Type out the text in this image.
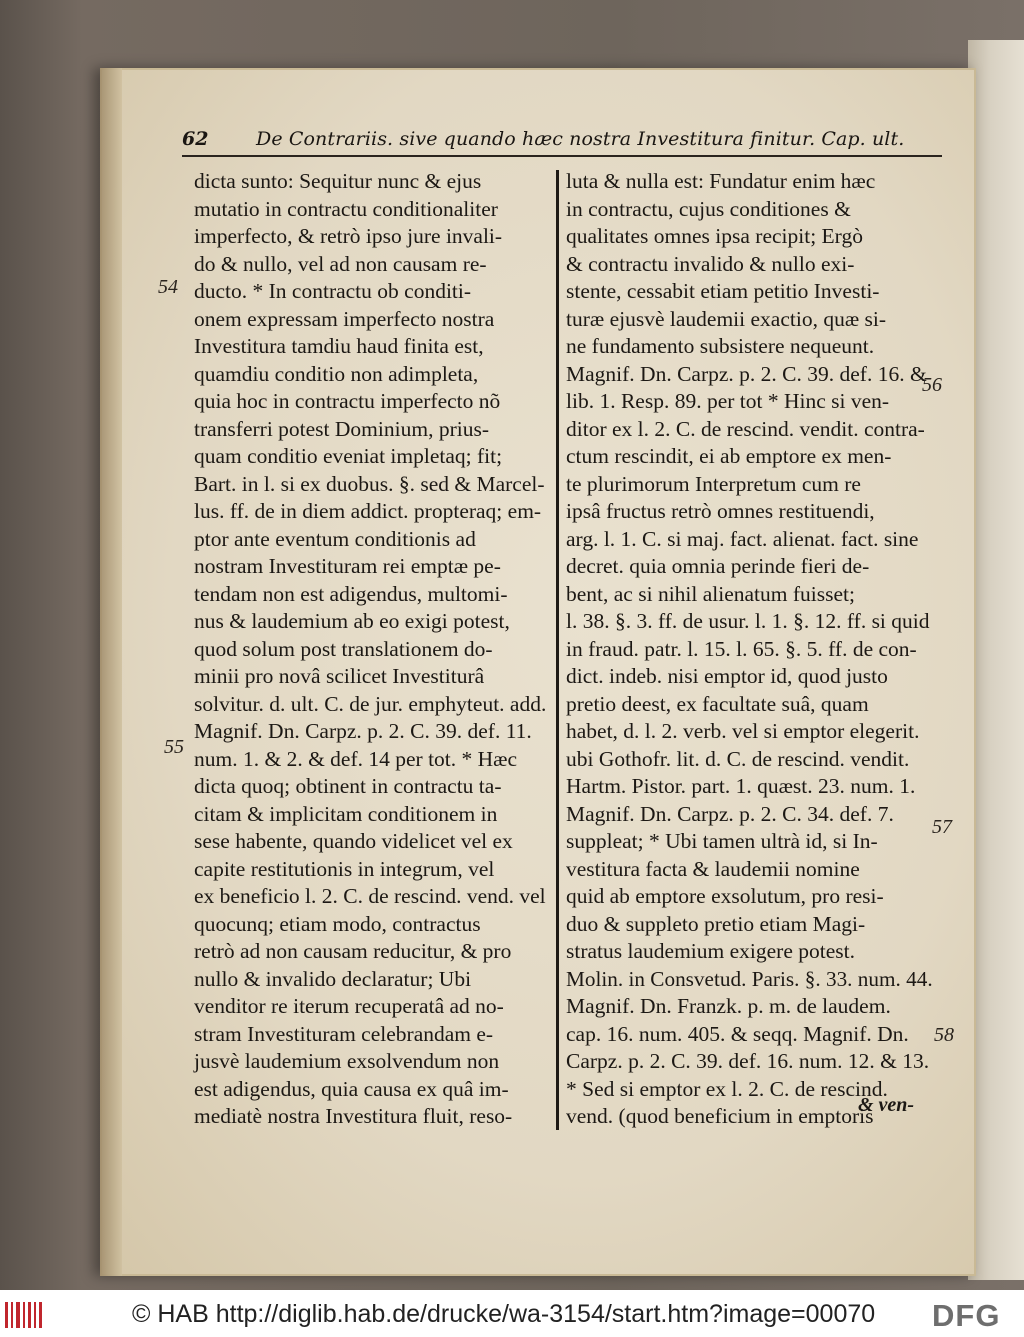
62	De Contrariis. sive quando hæc nostra Investitura finitur. Cap. ult.
dicta sunto: Sequitur nunc & ejus
mutatio in contractu conditionaliter
imperfecto, & retrò ipso jure invali-
do & nullo, vel ad non causam re-
ducto. * In contractu ob conditi-
onem expressam imperfecto nostra
Investitura tamdiu haud finita est,
quamdiu conditio non adimpleta,
quia hoc in contractu imperfecto nõ
transferri potest Dominium, prius-
quam conditio eveniat impletaq; fit;
Bart. in l. si ex duobus. §. sed & Marcel-
lus. ff. de in diem addict. propteraq; em-
ptor ante eventum conditionis ad
nostram Investituram rei emptæ pe-
tendam non est adigendus, multomi-
nus & laudemium ab eo exigi potest,
quod solum post translationem do-
minii pro novâ scilicet Investiturâ
solvitur. d. ult. C. de jur. emphyteut. add.
Magnif. Dn. Carpz. p. 2. C. 39. def. 11.
num. 1. & 2. & def. 14 per tot. * Hæc
dicta quoq; obtinent in contractu ta-
citam & implicitam conditionem in
sese habente, quando videlicet vel ex
capite restitutionis in integrum, vel
ex beneficio l. 2. C. de rescind. vend. vel
quocunq; etiam modo, contractus
retrò ad non causam reducitur, & pro
nullo & invalido declaratur; Ubi
venditor re iterum recuperatâ ad no-
stram Investituram celebrandam e-
jusvè laudemium exsolvendum non
est adigendus, quia causa ex quâ im-
mediatè nostra Investitura fluit, reso-
luta & nulla est: Fundatur enim hæc
in contractu, cujus conditiones &
qualitates omnes ipsa recipit; Ergò
& contractu invalido & nullo exi-
stente, cessabit etiam petitio Investi-
turæ ejusvè laudemii exactio, quæ si-
ne fundamento subsistere nequeunt.
Magnif. Dn. Carpz. p. 2. C. 39. def. 16. &
lib. 1. Resp. 89. per tot * Hinc si ven-
ditor ex l. 2. C. de rescind. vendit. contra-
ctum rescindit, ei ab emptore ex men-
te plurimorum Interpretum cum re
ipsâ fructus retrò omnes restituendi,
arg. l. 1. C. si maj. fact. alienat. fact. sine
decret. quia omnia perinde fieri de-
bent, ac si nihil alienatum fuisset;
l. 38. §. 3. ff. de usur. l. 1. §. 12. ff. si quid
in fraud. patr. l. 15. l. 65. §. 5. ff. de con-
dict. indeb. nisi emptor id, quod justo
pretio deest, ex facultate suâ, quam
habet, d. l. 2. verb. vel si emptor elegerit.
ubi Gothofr. lit. d. C. de rescind. vendit.
Hartm. Pistor. part. 1. quæst. 23. num. 1.
Magnif. Dn. Carpz. p. 2. C. 34. def. 7.
suppleat; * Ubi tamen ultrà id, si In-
vestitura facta & laudemii nomine
quid ab emptore exsolutum, pro resi-
duo & suppleto pretio etiam Magi-
stratus laudemium exigere potest.
Molin. in Consvetud. Paris. §. 33. num. 44.
Magnif. Dn. Franzk. p. m. de laudem.
cap. 16. num. 405. & seqq. Magnif. Dn.
Carpz. p. 2. C. 39. def. 16. num. 12. & 13.
* Sed si emptor ex l. 2. C. de rescind.
vend. (quod beneficium in emptoris
54
55
56
57
58
& ven-
© HAB http://diglib.hab.de/drucke/wa-3154/start.htm?image=00070 DFG
